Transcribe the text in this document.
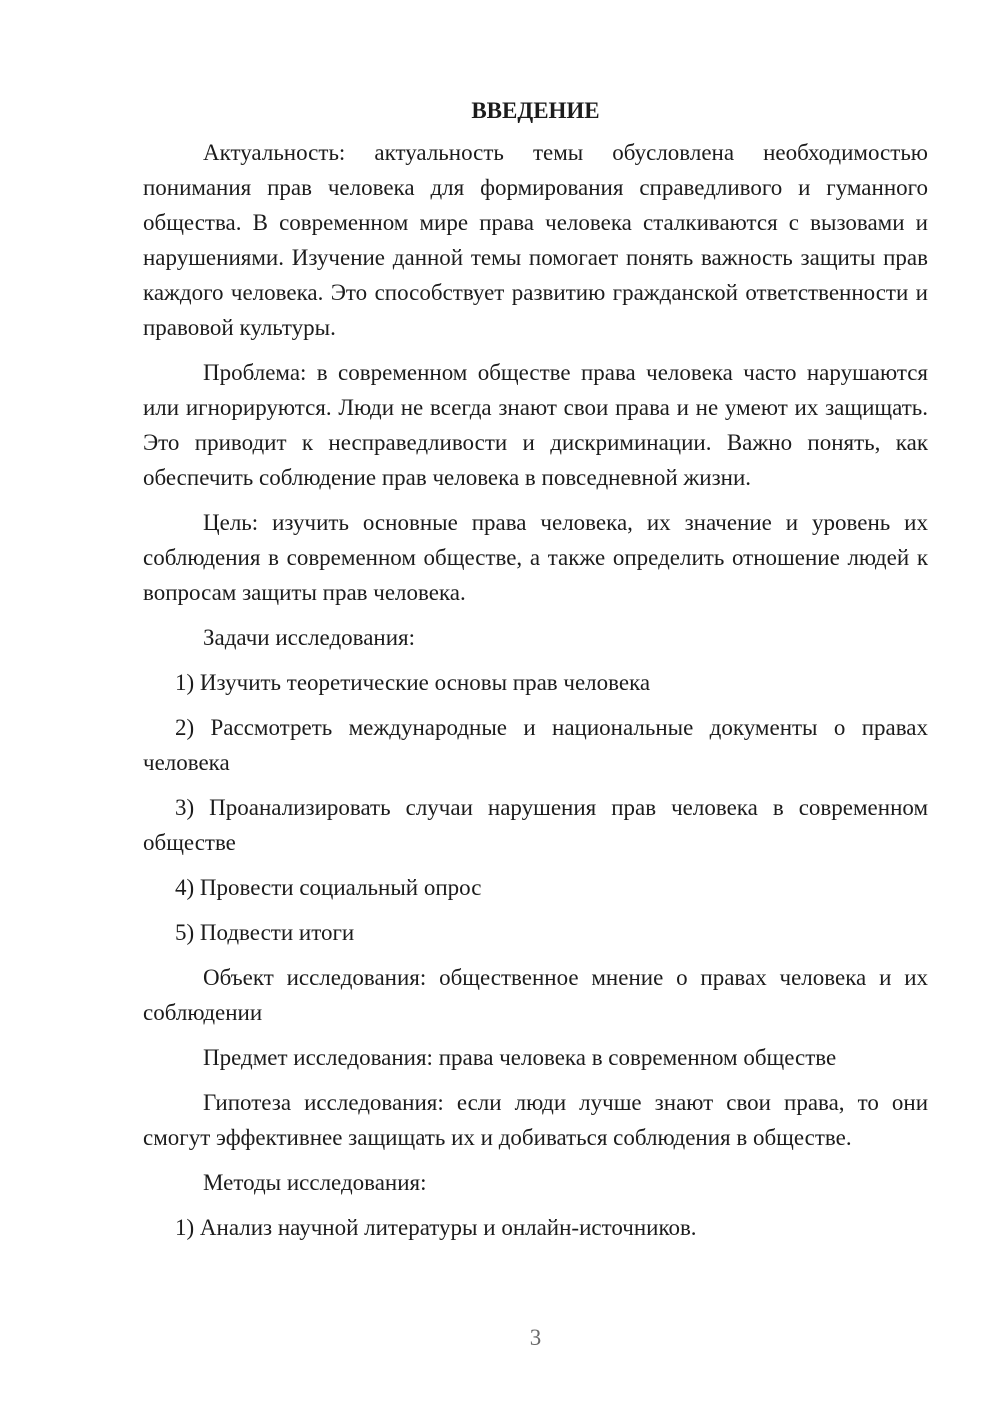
ВВЕДЕНИЕ

Актуальность: актуальность темы обусловлена необходимостью понимания прав человека для формирования справедливого и гуманного общества. В современном мире права человека сталкиваются с вызовами и нарушениями. Изучение данной темы помогает понять важность защиты прав каждого человека. Это способствует развитию гражданской ответственности и правовой культуры.

Проблема: в современном обществе права человека часто нарушаются или игнорируются. Люди не всегда знают свои права и не умеют их защищать. Это приводит к несправедливости и дискриминации. Важно понять, как обеспечить соблюдение прав человека в повседневной жизни.

Цель: изучить основные права человека, их значение и уровень их соблюдения в современном обществе, а также определить отношение людей к вопросам защиты прав человека.

Задачи исследования:

1) Изучить теоретические основы прав человека

2) Рассмотреть международные и национальные документы о правах человека

3) Проанализировать случаи нарушения прав человека в современном обществе

4) Провести социальный опрос

5) Подвести итоги

Объект исследования: общественное мнение о правах человека и их соблюдении

Предмет исследования: права человека в современном обществе

Гипотеза исследования: если люди лучше знают свои права, то они смогут эффективнее защищать их и добиваться соблюдения в обществе.

Методы исследования:

1) Анализ научной литературы и онлайн-источников.

3
